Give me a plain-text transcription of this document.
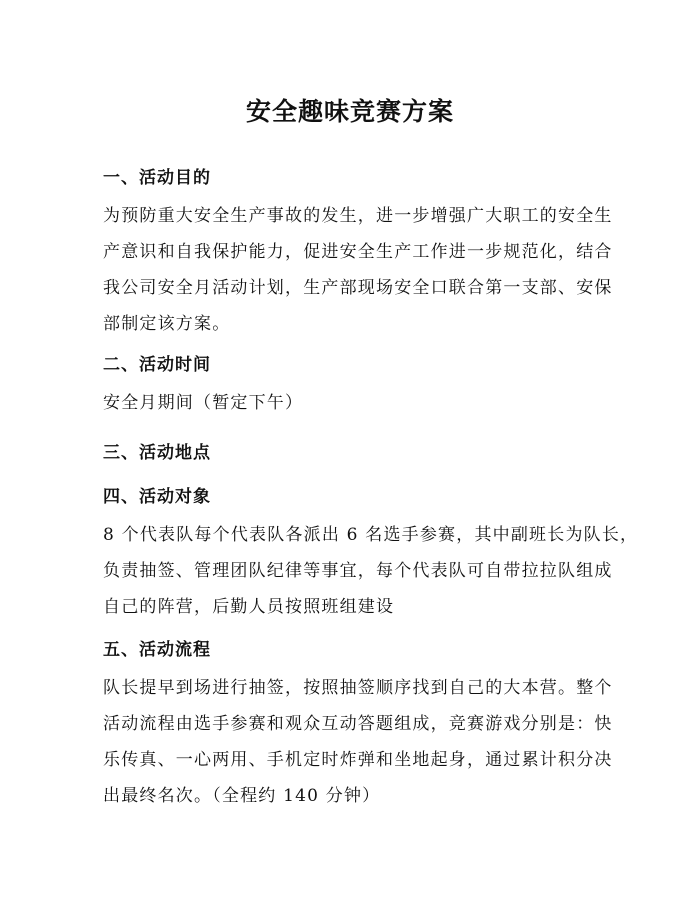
安全趣味竞赛方案
一、活动目的
为预防重大安全生产事故的发生，进一步增强广大职工的安全生
产意识和自我保护能力，促进安全生产工作进一步规范化，结合
我公司安全月活动计划，生产部现场安全口联合第一支部、安保
部制定该方案。
二、活动时间
安全月期间（暂定下午）
三、活动地点
四、活动对象
8 个代表队每个代表队各派出 6 名选手参赛，其中副班长为队长，
负责抽签、管理团队纪律等事宜，每个代表队可自带拉拉队组成
自己的阵营，后勤人员按照班组建设
五、活动流程
队长提早到场进行抽签，按照抽签顺序找到自己的大本营。整个
活动流程由选手参赛和观众互动答题组成，竞赛游戏分别是：快
乐传真、一心两用、手机定时炸弹和坐地起身，通过累计积分决
出最终名次。（全程约 140 分钟）
